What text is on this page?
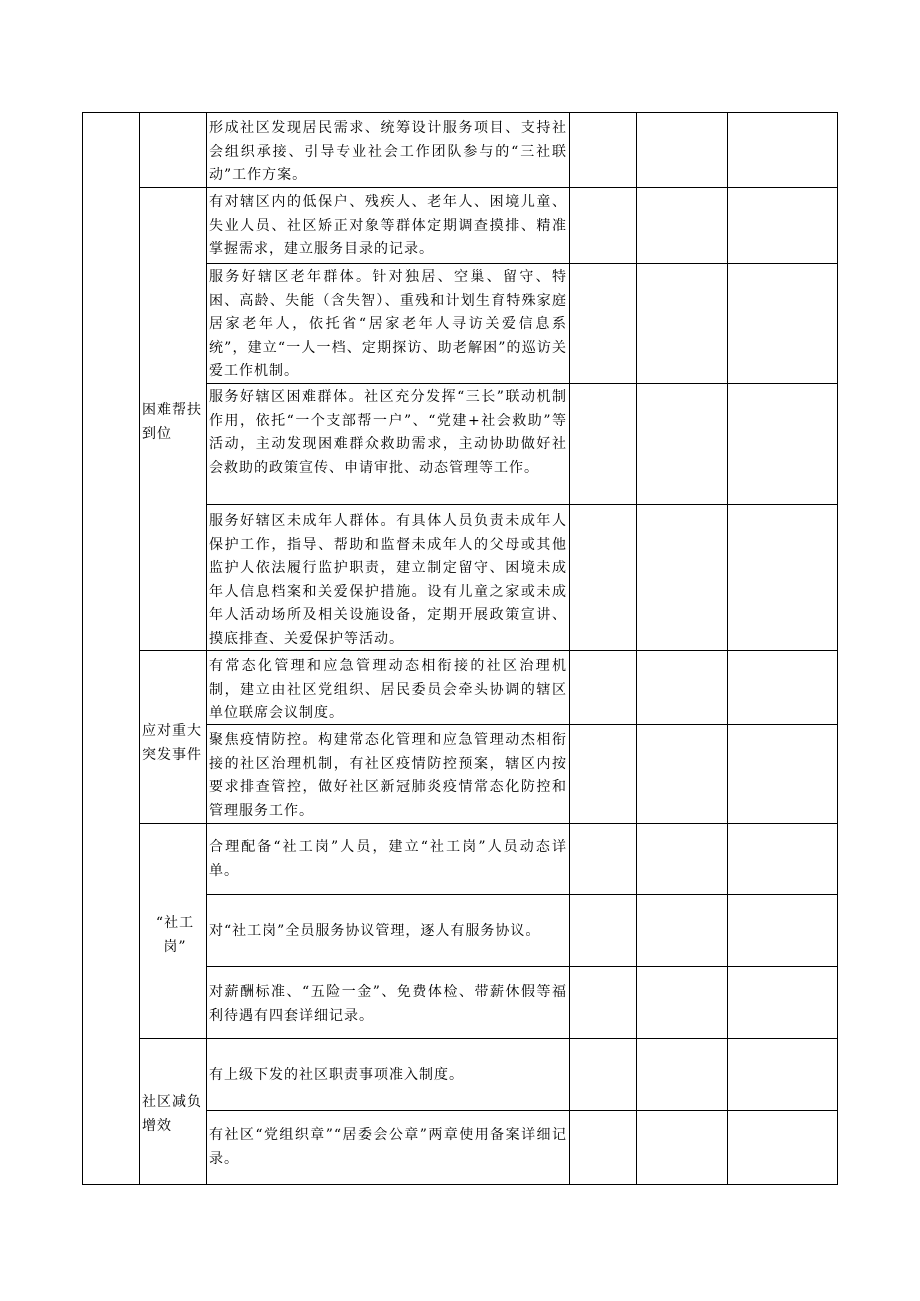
困难帮扶到位
应对重大突发事件
“社工岗”
社区减负增效
形成社区发现居民需求、统筹设计服务项目、支持社会组织承接、引导专业社会工作团队参与的“三社联动”工作方案。
有对辖区内的低保户、残疾人、老年人、困境儿童、失业人员、社区矫正对象等群体定期调查摸排、精准掌握需求，建立服务目录的记录。
服务好辖区老年群体。针对独居、空巢、留守、特困、高龄、失能（含失智）、重残和计划生育特殊家庭居家老年人，依托省“居家老年人寻访关爱信息系统”，建立“一人一档、定期探访、助老解困”的巡访关爱工作机制。
服务好辖区困难群体。社区充分发挥“三长”联动机制作用，依托“一个支部帮一户”、“党建+社会救助”等活动，主动发现困难群众救助需求，主动协助做好社会救助的政策宣传、申请审批、动态管理等工作。
服务好辖区未成年人群体。有具体人员负责未成年人保护工作，指导、帮助和监督未成年人的父母或其他监护人依法履行监护职责，建立制定留守、困境未成年人信息档案和关爱保护措施。设有儿童之家或未成年人活动场所及相关设施设备，定期开展政策宣讲、摸底排查、关爱保护等活动。
有常态化管理和应急管理动态相衔接的社区治理机制，建立由社区党组织、居民委员会牵头协调的辖区单位联席会议制度。
聚焦疫情防控。构建常态化管理和应急管理动杰相衔接的社区治理机制，有社区疫情防控预案，辖区内按要求排查管控，做好社区新冠肺炎疫情常态化防控和管理服务工作。
合理配备“社工岗”人员，建立“社工岗”人员动态详单。
对“社工岗”全员服务协议管理，逐人有服务协议。
对薪酬标准、“五险一金”、免费体检、带薪休假等福利待遇有四套详细记录。
有上级下发的社区职责事项准入制度。
有社区“党组织章”“居委会公章”两章使用备案详细记录。
